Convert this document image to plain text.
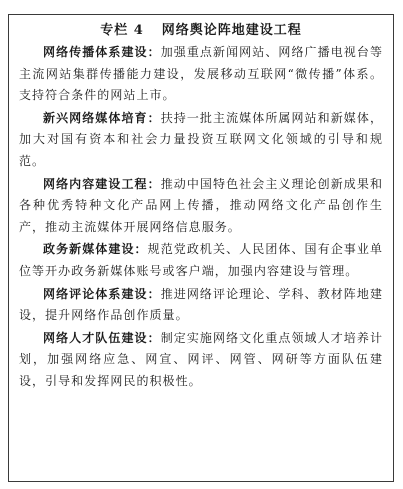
专栏 4 网络舆论阵地建设工程

网络传播体系建设：加强重点新闻网站、网络广播电视台等主流网站集群传播能力建设，发展移动互联网“微传播”体系。支持符合条件的网站上市。

新兴网络媒体培育：扶持一批主流媒体所属网站和新媒体，加大对国有资本和社会力量投资互联网文化领域的引导和规范。

网络内容建设工程：推动中国特色社会主义理论创新成果和各种优秀特种文化产品网上传播，推动网络文化产品创作生产，推动主流媒体开展网络信息服务。

政务新媒体建设：规范党政机关、人民团体、国有企事业单位等开办政务新媒体账号或客户端，加强内容建设与管理。

网络评论体系建设：推进网络评论理论、学科、教材阵地建设，提升网络作品创作质量。

网络人才队伍建设：制定实施网络文化重点领域人才培养计划，加强网络应急、网宣、网评、网管、网研等方面队伍建设，引导和发挥网民的积极性。
